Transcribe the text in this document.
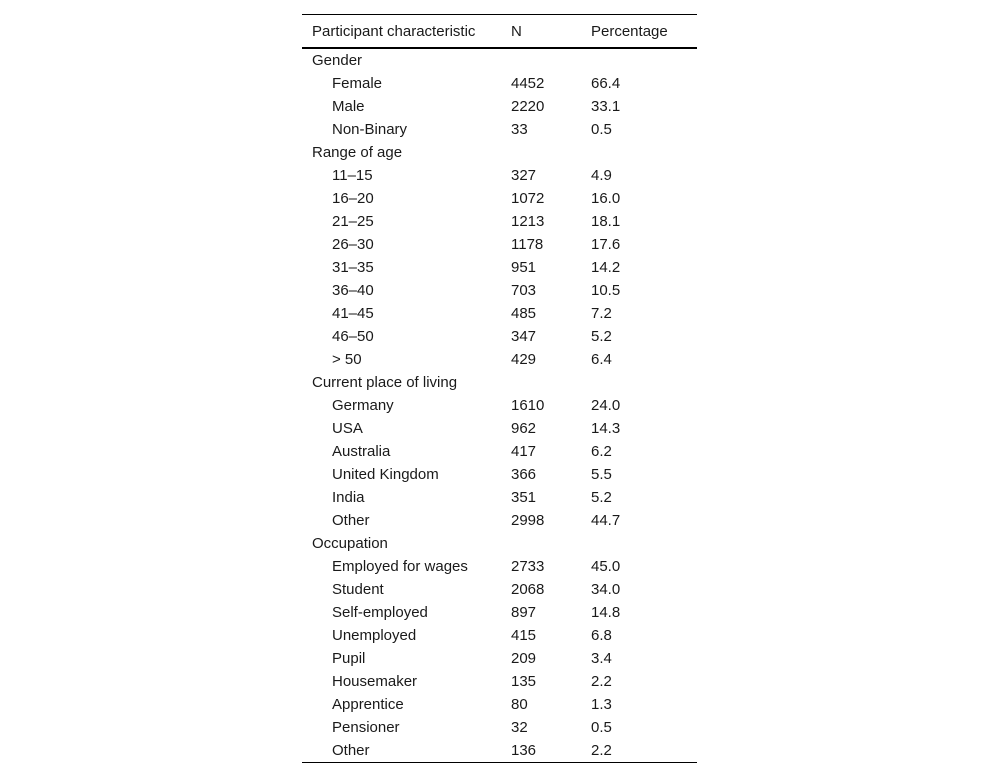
Participant characteristic	N	Percentage
Gender		
Female	4452	66.4
Male	2220	33.1
Non-Binary	33	0.5
Range of age		
11–15	327	4.9
16–20	1072	16.0
21–25	1213	18.1
26–30	1178	17.6
31–35	951	14.2
36–40	703	10.5
41–45	485	7.2
46–50	347	5.2
> 50	429	6.4
Current place of living		
Germany	1610	24.0
USA	962	14.3
Australia	417	6.2
United Kingdom	366	5.5
India	351	5.2
Other	2998	44.7
Occupation		
Employed for wages	2733	45.0
Student	2068	34.0
Self-employed	897	14.8
Unemployed	415	6.8
Pupil	209	3.4
Housemaker	135	2.2
Apprentice	80	1.3
Pensioner	32	0.5
Other	136	2.2
